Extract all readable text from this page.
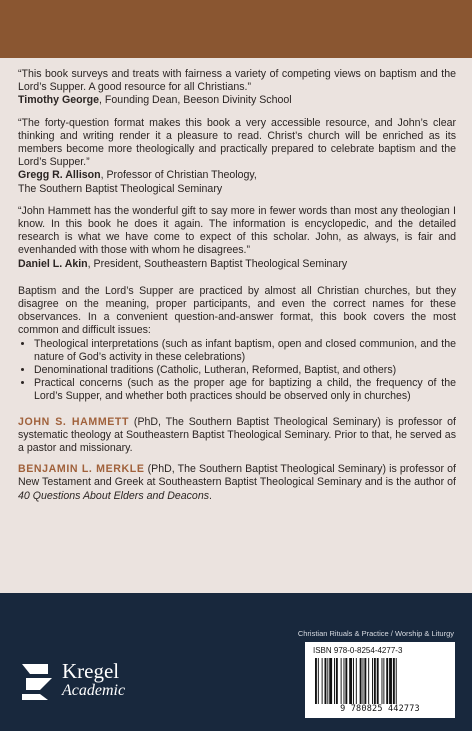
“This book surveys and treats with fairness a variety of competing views on baptism and the Lord’s Supper. A good resource for all Christians.”

Timothy George, Founding Dean, Beeson Divinity School

“The forty-question format makes this book a very accessible resource, and John’s clear thinking and writing render it a pleasure to read. Christ’s church will be enriched as its members become more theologically and practically prepared to celebrate baptism and the Lord’s Supper.”

Gregg R. Allison, Professor of Christian Theology,

The Southern Baptist Theological Seminary

“John Hammett has the wonderful gift to say more in fewer words than most any theologian I know. In this book he does it again. The information is encyclopedic, and the detailed research is what we have come to expect of this scholar. John, as always, is fair and evenhanded with those with whom he disagrees.”

Daniel L. Akin, President, Southeastern Baptist Theological Seminary

Baptism and the Lord’s Supper are practiced by almost all Christian churches, but they disagree on the meaning, proper participants, and even the correct names for these observances. In a convenient question-and-answer format, this book covers the most common and difficult issues:

• Theological interpretations (such as infant baptism, open and closed communion, and the nature of God’s activity in these celebrations)
• Denominational traditions (Catholic, Lutheran, Reformed, Baptist, and others)
• Practical concerns (such as the proper age for baptizing a child, the frequency of the Lord’s Supper, and whether both practices should be observed only in churches)

JOHN S. HAMMETT (PhD, The Southern Baptist Theological Seminary) is professor of systematic theology at Southeastern Baptist Theological Seminary. Prior to that, he served as a pastor and missionary.

BENJAMIN L. MERKLE (PhD, The Southern Baptist Theological Seminary) is professor of New Testament and Greek at Southeastern Baptist Theological Seminary and is the author of 40 Questions About Elders and Deacons.

Christian Rituals & Practice / Worship & Liturgy
Kregel
Academic
ISBN 978-0-8254-4277-3
9 780825 442773
